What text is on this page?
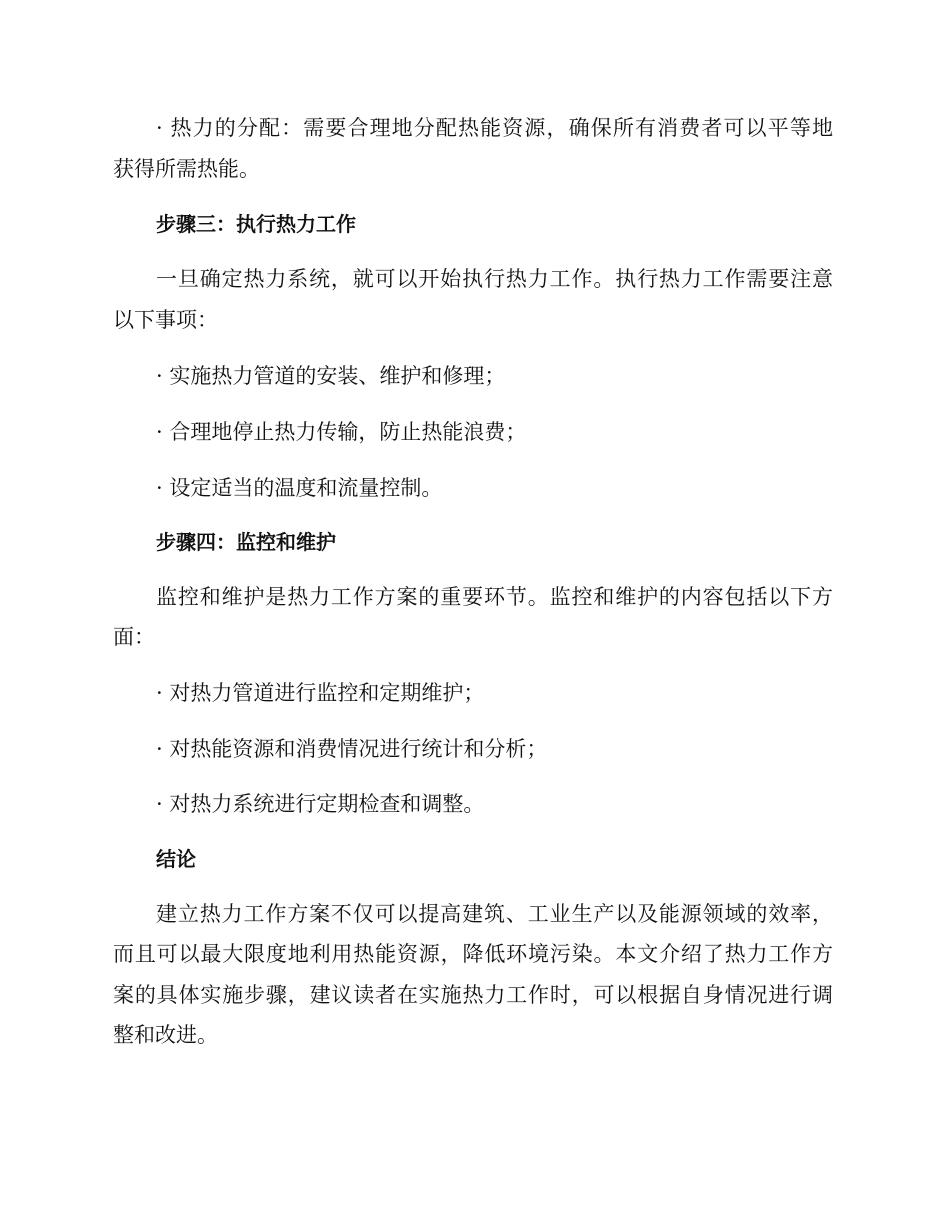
· 热力的分配：需要合理地分配热能资源，确保所有消费者可以平等地
获得所需热能。
步骤三：执行热力工作
一旦确定热力系统，就可以开始执行热力工作。执行热力工作需要注意
以下事项：
· 实施热力管道的安装、维护和修理；
· 合理地停止热力传输，防止热能浪费；
· 设定适当的温度和流量控制。
步骤四：监控和维护
监控和维护是热力工作方案的重要环节。监控和维护的内容包括以下方
面：
· 对热力管道进行监控和定期维护；
· 对热能资源和消费情况进行统计和分析；
· 对热力系统进行定期检查和调整。
结论
建立热力工作方案不仅可以提高建筑、工业生产以及能源领域的效率，
而且可以最大限度地利用热能资源，降低环境污染。本文介绍了热力工作方
案的具体实施步骤，建议读者在实施热力工作时，可以根据自身情况进行调
整和改进。
